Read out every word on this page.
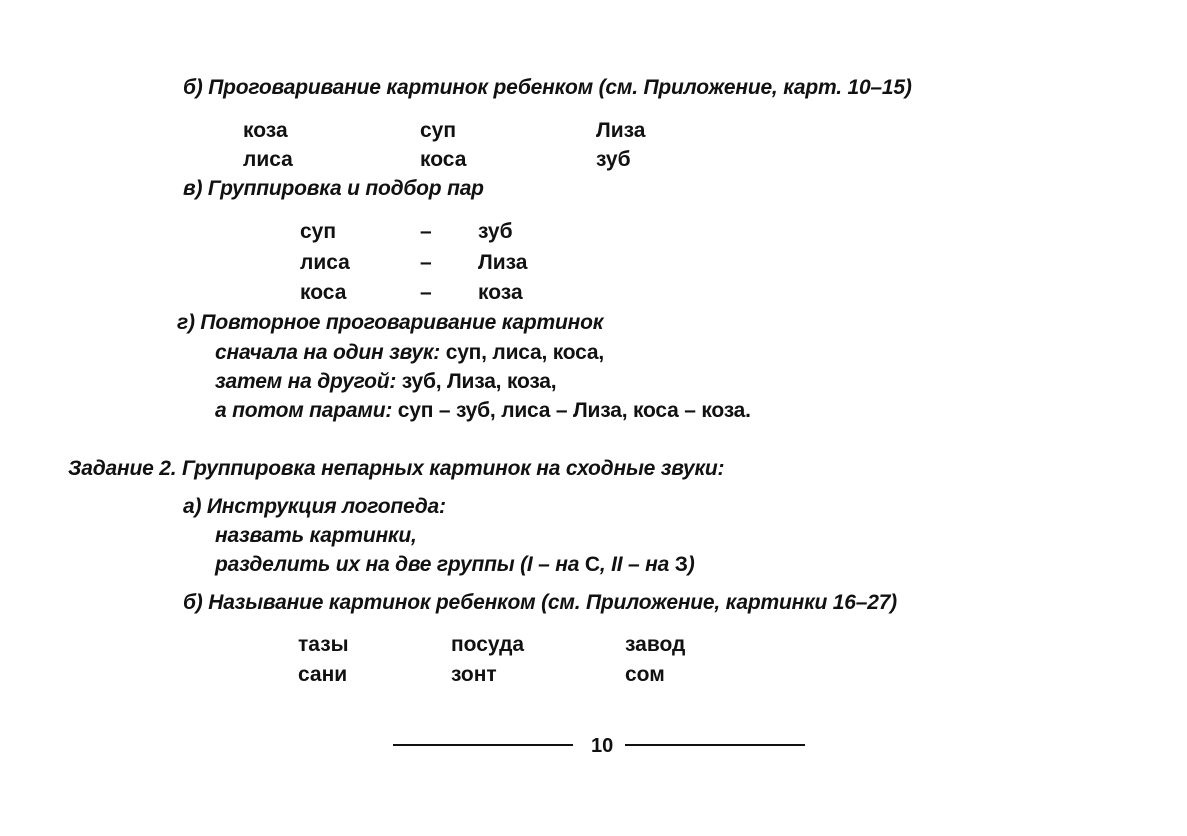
б) Проговаривание картинок ребенком (см. Приложение, карт. 10–15)
коза	суп	Лиза
лиса	коса	зуб
в) Группировка и подбор пар
суп	– зуб
лиса	– Лиза
коса	– коза
г) Повторное проговаривание картинок
сначала на один звук: суп, лиса, коса,
затем на другой: зуб, Лиза, коза,
а потом парами: суп – зуб, лиса – Лиза, коса – коза.
Задание 2. Группировка непарных картинок на сходные звуки:
а) Инструкция логопеда:
назвать картинки,
разделить их на две группы (I – на С, II – на З)
б) Называние картинок ребенком (см. Приложение, картинки 16–27)
тазы	посуда	завод
сани	зонт	сом
10
